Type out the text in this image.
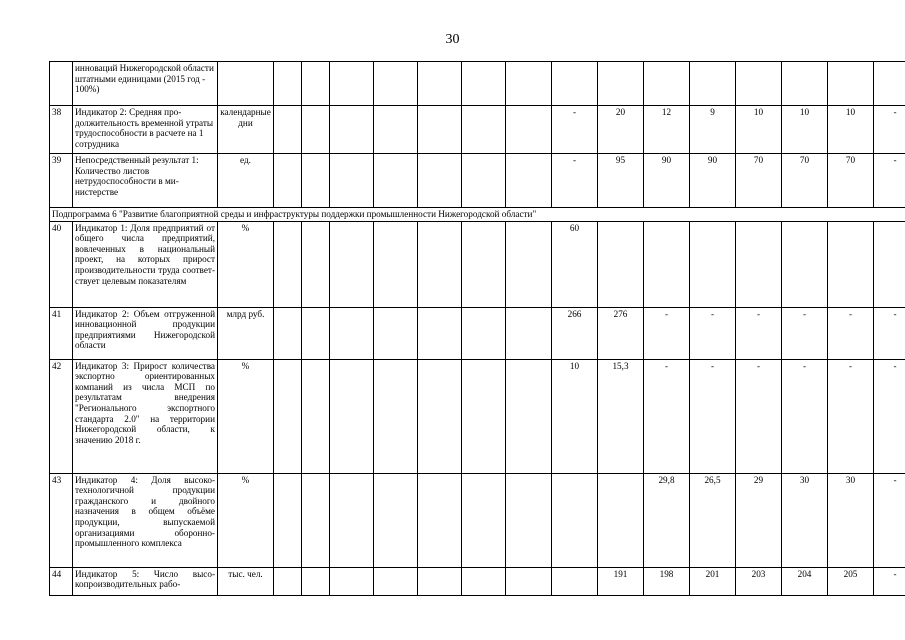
30
	инноваций Нижегородской области штатными единицами (2015 год - 100%)																
38	Индикатор 2: Средняя продолжительность временной утраты трудоспособности в расчете на 1 сотрудника	календарные дни								-	20	12	9	10	10	10	-
39	Непосредственный результат 1: Количество листов нетрудоспособности в министерстве	ед.								-	95	90	90	70	70	70	-
Подпрограмма 6 "Развитие благоприятной среды и инфраструктуры поддержки промышленности Нижегородской области"																	
40	Индикатор 1: Доля предприятий от общего числа предприятий, вовлеченных в национальный проект, на которых прирост производительности труда соответствует целевым показателям	%								60							
41	Индикатор 2: Объем отгруженной инновационной продукции предприятиями Нижегородской области	млрд руб.								266	276	-	-	-	-	-	-
42	Индикатор 3: Прирост количества экспортно ориентированных компаний из числа МСП по результатам внедрения "Регионального экспортного стандарта 2.0" на территории Нижегородской области, к значению 2018 г.	%								10	15,3	-	-	-	-	-	-
43	Индикатор 4: Доля высокотехнологичной продукции гражданского и двойного назначения в общем объёме продукции, выпускаемой организациями оборонно-промышленного комплекса	%										29,8	26,5	29	30	30	-
44	Индикатор 5: Число высокопроизводительных рабо-	тыс. чел.									191	198	201	203	204	205	-
